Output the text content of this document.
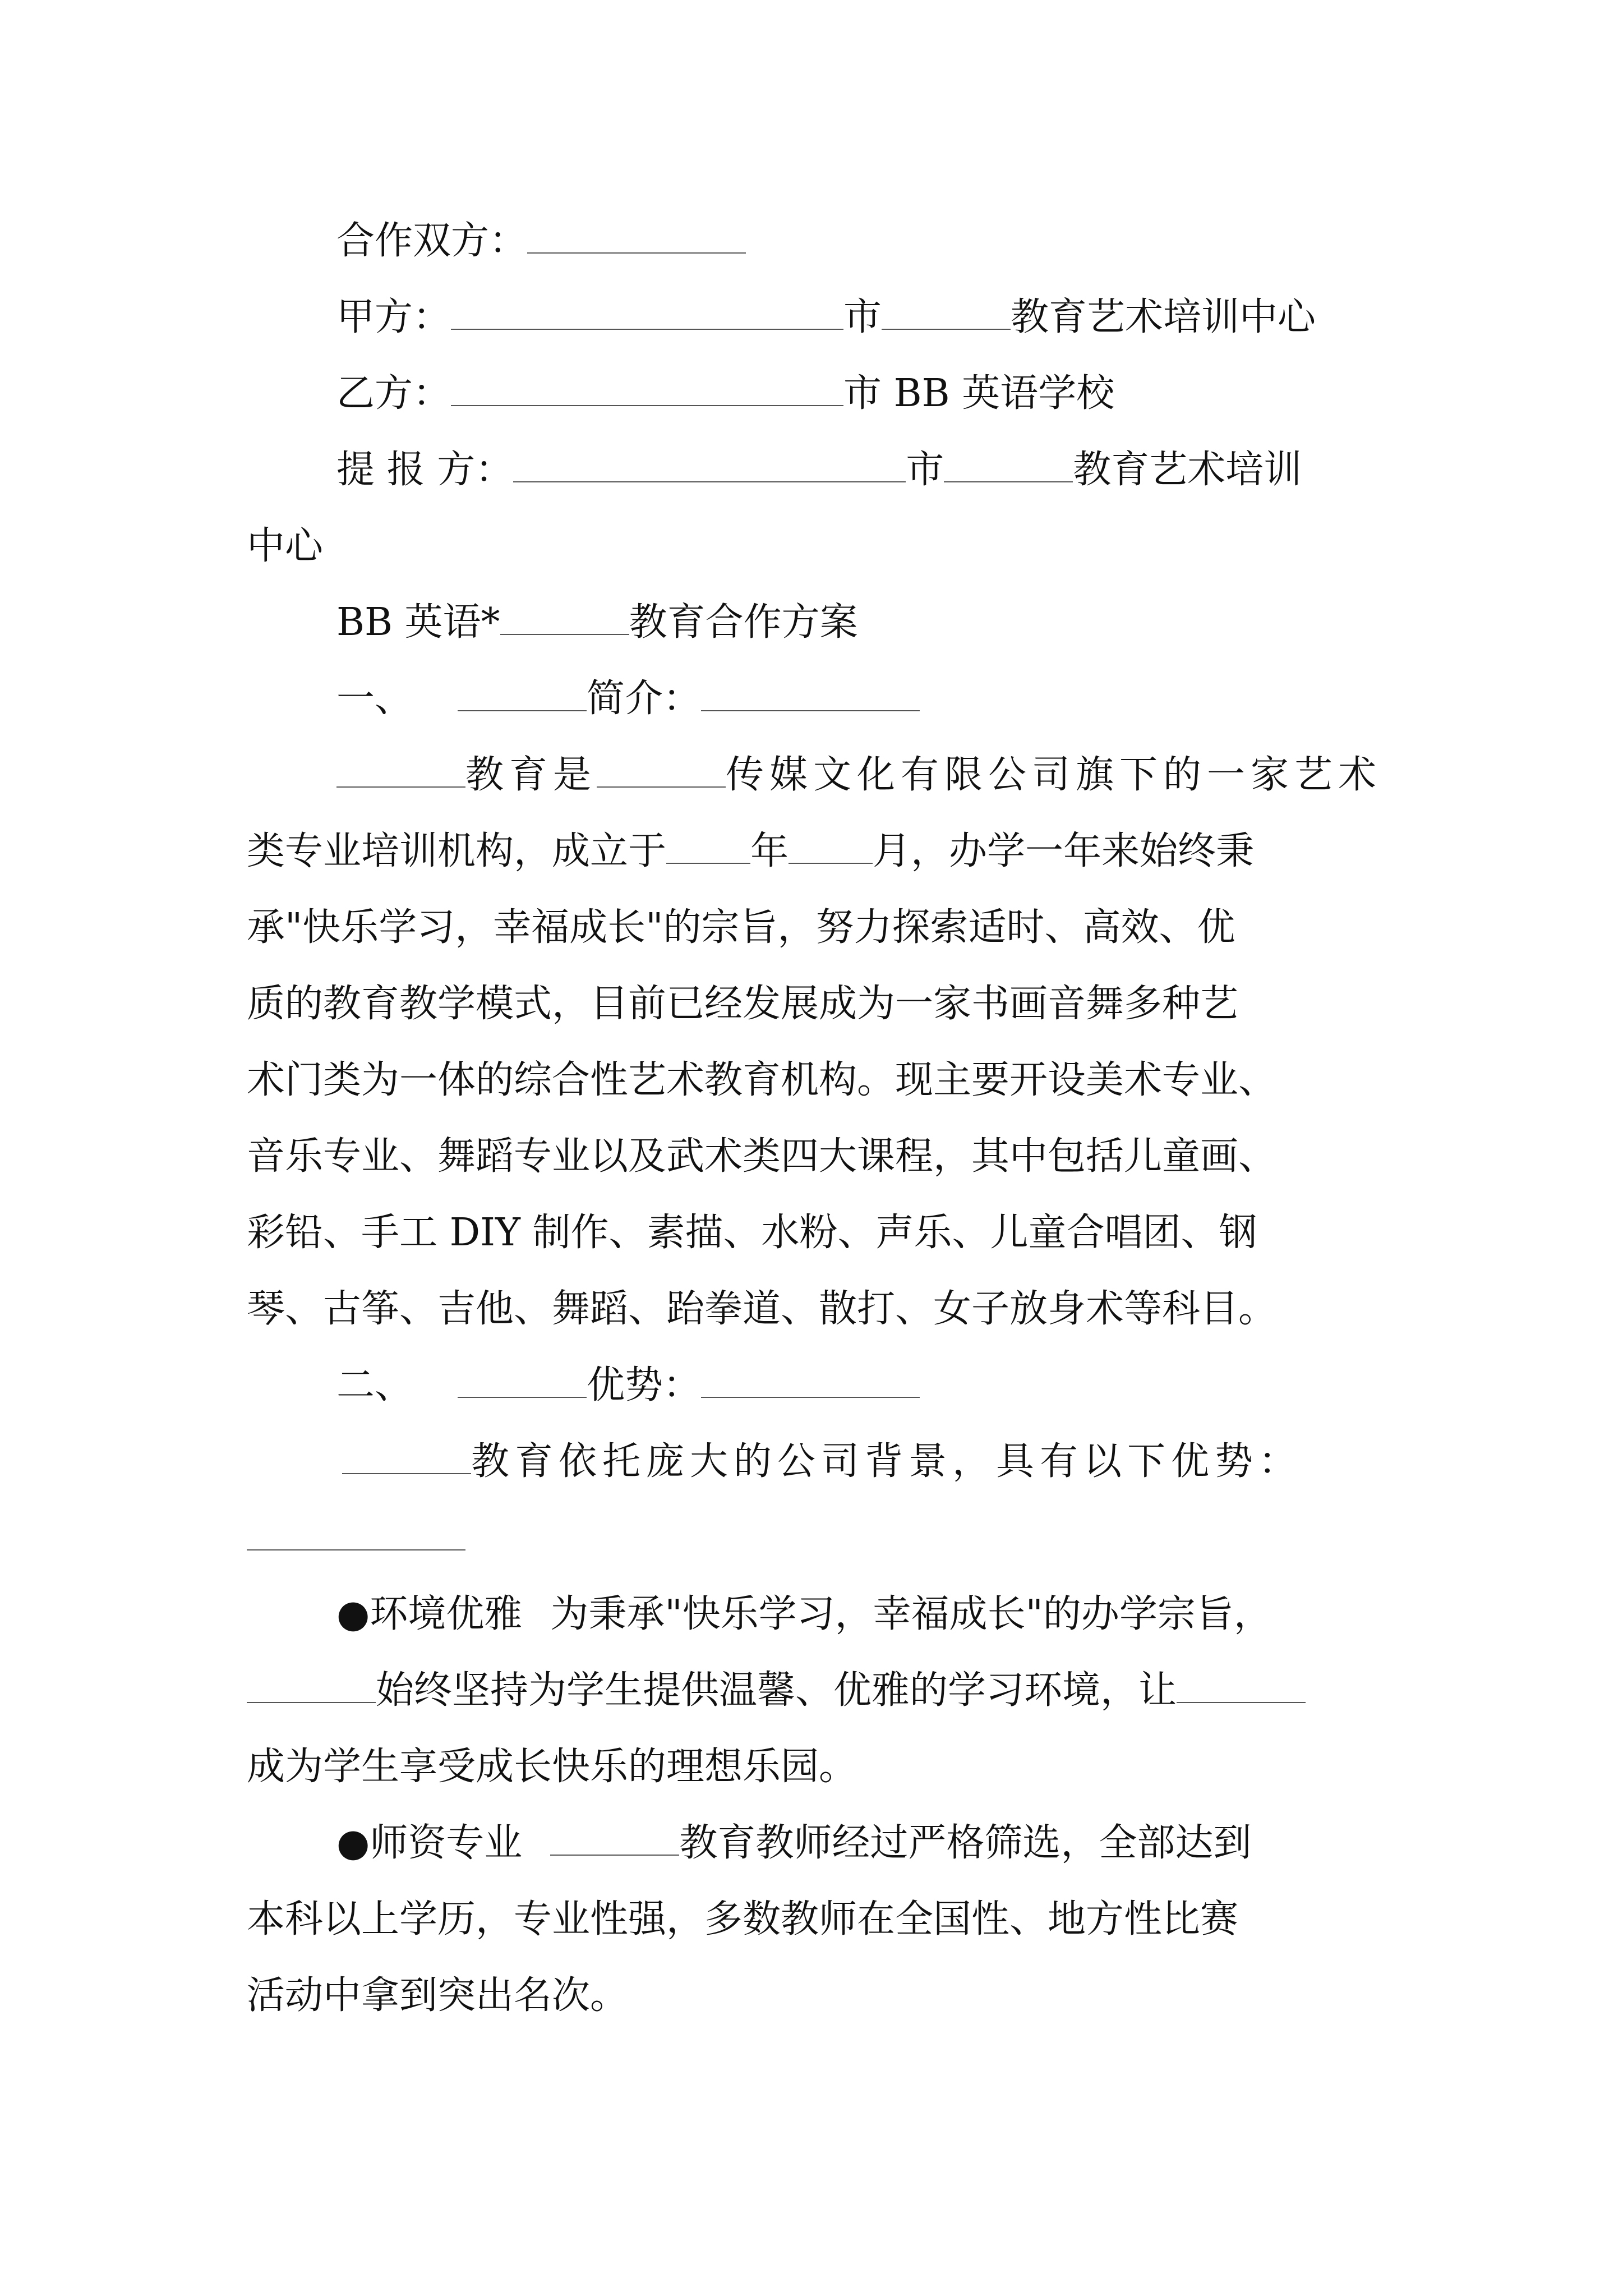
合作双方：
甲方：	市	教育艺术培训中心
乙方：	市 BB 英语学校
提 报 方：	市	教育艺术培训
中心
BB 英语*	教育合作方案
一、	简介：
教育是	传媒文化有限公司旗下的一家艺术
类专业培训机构，成立于 年 月，办学一年来始终秉
承"快乐学习，幸福成长"的宗旨，努力探索适时、高效、优
质的教育教学模式，目前已经发展成为一家书画音舞多种艺
术门类为一体的综合性艺术教育机构。现主要开设美术专业、
音乐专业、舞蹈专业以及武术类四大课程，其中包括儿童画、
彩铅、手工 DIY 制作、素描、水粉、声乐、儿童合唱团、钢
琴、古筝、吉他、舞蹈、跆拳道、散打、女子放身术等科目。
二、	优势：
教育依托庞大的公司背景，具有以下优势：
●环境优雅 为秉承"快乐学习，幸福成长"的办学宗旨，
始终坚持为学生提供温馨、优雅的学习环境，让
成为学生享受成长快乐的理想乐园。
●师资专业	教育教师经过严格筛选，全部达到
本科以上学历，专业性强，多数教师在全国性、地方性比赛
活动中拿到突出名次。
